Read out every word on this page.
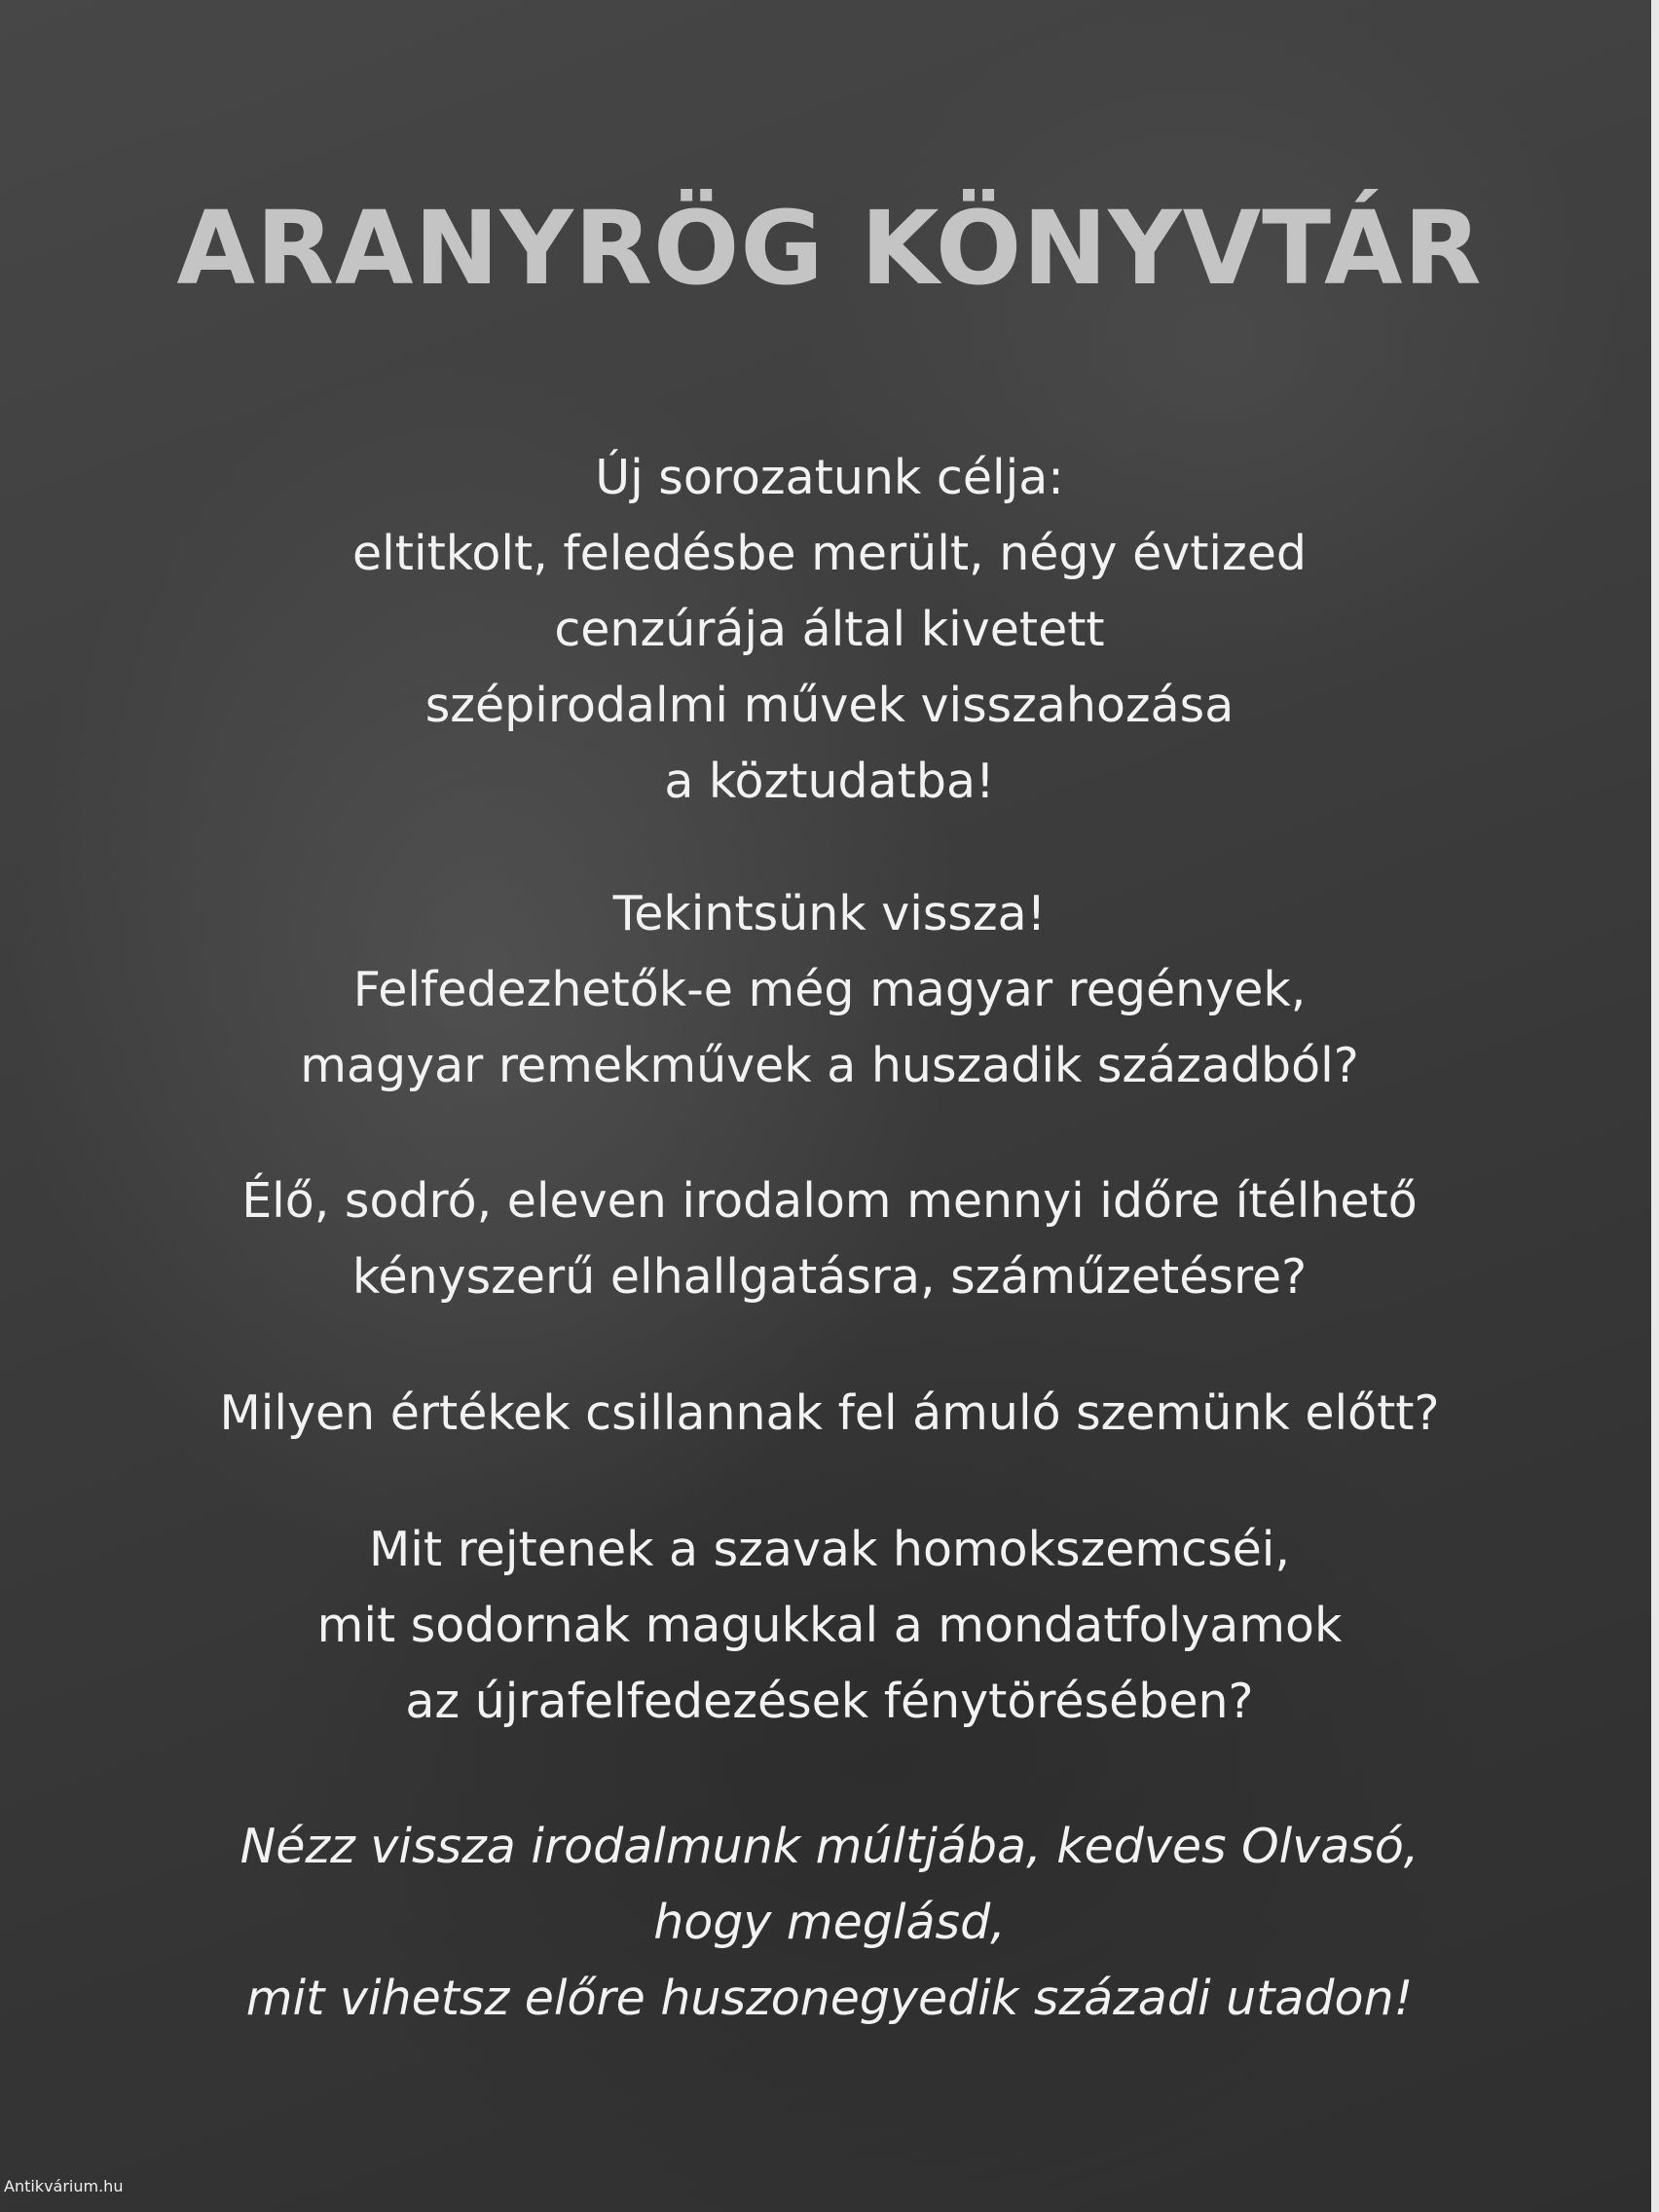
ARANYRÖG KÖNYVTÁR
Új sorozatunk célja:
eltitkolt, feledésbe merült, négy évtized
cenzúrája által kivetett
szépirodalmi művek visszahozása
a köztudatba!
Tekintsünk vissza!
Felfedezhetők-e még magyar regények,
magyar remekművek a huszadik századból?
Élő, sodró, eleven irodalom mennyi időre ítélhető
kényszerű elhallgatásra, száműzetésre?
Milyen értékek csillannak fel ámuló szemünk előtt?
Mit rejtenek a szavak homokszemcséi,
mit sodornak magukkal a mondatfolyamok
az újrafelfedezések fénytörésében?
Nézz vissza irodalmunk múltjába, kedves Olvasó,
hogy meglásd,
mit vihetsz előre huszonegyedik századi utadon!
Antikvárium.hu
